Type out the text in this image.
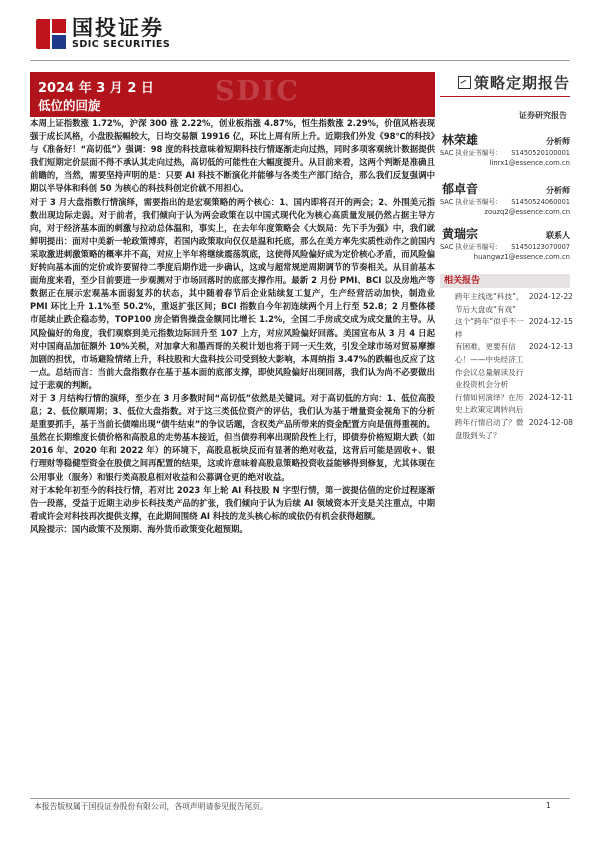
国投证券
SDIC SECURITIES
SDIC
2024 年 3 月 2 日
低位的回旋
策略定期报告
证券研究报告

本周上证指数涨 1.72%，沪深 300 涨 2.22%，创业板指涨 4.87%，恒生指数涨 2.29%，价值风格表现强于成长风格，小盘股振幅较大，日均交易额 19916 亿，环比上周有所上升。近期我们外发《98℃的科技》与《准备好！“高切低”》强调：98 度的科技意味着短期科技行情逐渐走向过热，同时多项客观统计数据提供我们短期定价层面不得不承认其走向过热，高切低的可能性在大幅度提升。从目前来看，这两个判断是准确且前瞻的，当然，需要坚持声明的是：只要 AI 科技不断演化并能够与各类生产部门结合，那么我们反复强调中期以半导体和科创 50 为核心的科技科创定价就不用担心。

对于 3 月大盘指数行情演绎，需要指出的是宏观策略的两个核心：1、国内即将召开的两会；2、外围美元指数出现边际走弱。对于前者，我们倾向于认为两会政策在以中国式现代化为核心高质量发展仍然占据主导方向，对于经济基本面的刺激与拉动总体温和，事实上，在去年年度策略会《大娱局：先下手为强》中，我们就鲜明提出：面对中美新一轮政策博弈，若国内政策取向仅仅是温和托底，那么在美方率先实质性动作之前国内采取激进刺激策略的概率并不高，对应上半年将继续震荡筑底，这使得风险偏好成为定价核心矛盾，而风险偏好转向基本面的定价或许要留待二季度后期作进一步确认，这或与超常规逆周期调节的节奏相关。从目前基本面角度来看，至少目前要进一步观测对于市场回落时的底部支撑作用。最新 2 月份 PMI、BCI 以及房地产等数据正在展示宏观基本面弱复苏的状态，其中随着春节后企业陆续复工复产，生产经营活动加快，制造业 PMI 环比上升 1.1%至 50.2%，重返扩张区间；BCI 指数自今年初连续两个月上行至 52.8；2 月整体楼市延续止跌企稳态势，TOP100 房企销售操盘金额同比增长 1.2%，全国二手房成交成为成交量的主导。从风险偏好的角度，我们观察到美元指数边际回升至 107 上方，对应风险偏好回落。美国宣布从 3 月 4 日起对中国商品加征额外 10%关税，对加拿大和墨西哥的关税计划也将于同一天生效，引发全球市场对贸易摩擦加剧的担忧，市场避险情绪上升，科技股和大盘科技公司受到较大影响，本周纳指 3.47%的跌幅也反应了这一点。总结而言：当前大盘指数存在基于基本面的底部支撑，即使风险偏好出现回落，我们认为尚不必要做出过于悲观的判断。

对于 3 月结构行情的演绎，至少在 3 月多数时间“高切低”依然是关键词。对于高切低的方向：1、低位高股息；2、低位顺周期；3、低位大盘指数。对于这三类低位资产的评估，我们认为基于增量资金视角下的分析是重要抓手，基于当前长债端出现“债牛结束”的争议话题，含权类产品所带来的资金配置方向是值得重视的。虽然在长期维度长债价格和高股息的走势基本接近，但当债券利率出现阶段性上行，即债券价格短期大跌（如 2016 年、2020 年和 2022 年）的环境下，高股息板块反而有显著的绝对收益，这背后可能是固收+、银行理财等稳健型资金在股债之间再配置的结果，这或许意味着高股息策略投资收益能够得到修复，尤其体现在公用事业（服务）和银行类高股息相对收益和公募调仓更的绝对收益。

对于本轮年初至今的科技行情，若对比 2023 年上轮 AI 科技股 N 字型行情，第一波提估值的定价过程逐渐告一段落，受益于近期主动步长科技类产品的扩张，我们倾向于认为后续 AI 领域资本开支是关注重点，中期看或许会对科技再次提供支撑，在此期间围绕 AI 科技的龙头核心标的或依仍有机会获得超额。

风险提示：国内政策不及预期、海外货币政策变化超预期。

林荣雄	分析师
SAC 执业证书编号： S1450520100001
linrx1@essence.com.cn
郁卓音	分析师
SAC 执业证书编号： S1450524060001
zouzq2@essence.com.cn
黄瑞宗	联系人
SAC 执业证书编号： S1450123070007
huangwz1@essence.com.cn
相关报告
跨年主线选“科技”，节后大盘或“有戏”
2024-12-22
这个“跨年”似乎不一样
2024-12-15
有困难，更要有信心！——中央经济工作会议总量解读及行业投资机会分析
2024-12-13
行情如何演绎？在历史上政策定调转向后
2024-12-11
跨年行情启动了？微盘股到头了？
2024-12-08
本报告版权属于国投证券股份有限公司，各项声明请参见报告尾页。	1
